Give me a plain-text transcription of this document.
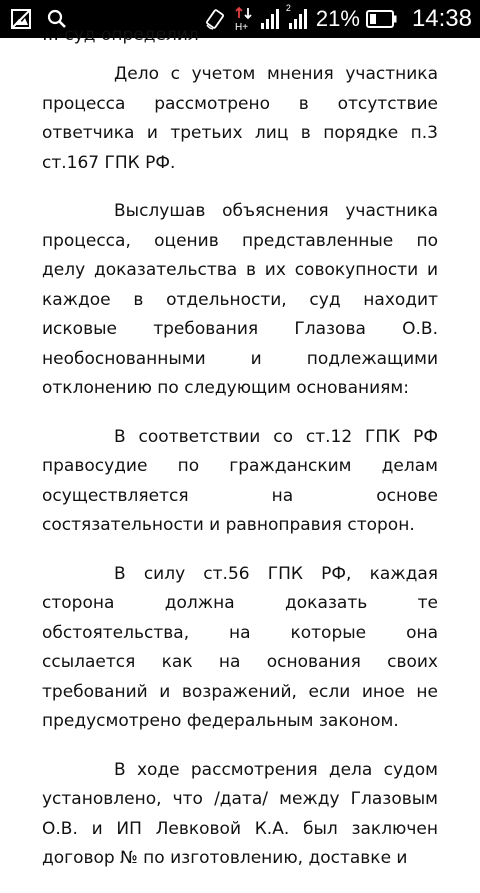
H+
2 21% 14:38
… суд определил
Дело с учетом мнения участника
процесса рассмотрено в отсутствие
ответчика и третьих лиц в порядке п.3
ст.167 ГПК РФ.
Выслушав объяснения участника
процесса, оценив представленные по
делу доказательства в их совокупности и
каждое в отдельности, суд находит
исковые требования Глазова О.В.
необоснованными и подлежащими
отклонению по следующим основаниям:
В соответствии со ст.12 ГПК РФ
правосудие по гражданским делам
осуществляется на основе
состязательности и равноправия сторон.
В силу ст.56 ГПК РФ, каждая
сторона должна доказать те
обстоятельства, на которые она
ссылается как на основания своих
требований и возражений, если иное не
предусмотрено федеральным законом.
В ходе рассмотрения дела судом
установлено, что /дата/ между Глазовым
О.В. и ИП Левковой К.А. был заключен
договор № по изготовлению, доставке и
